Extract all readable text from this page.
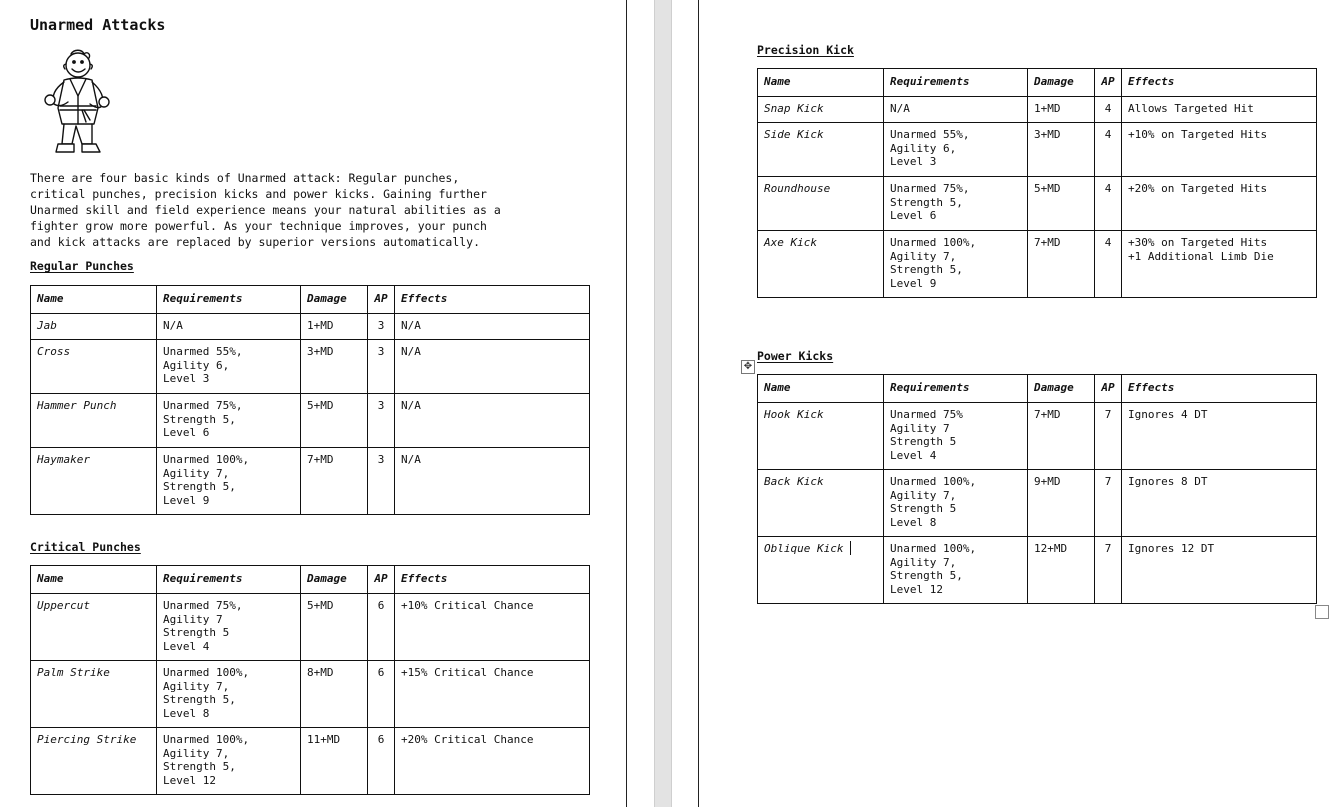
Unarmed Attacks

There are four basic kinds of Unarmed attack: Regular punches,
critical punches, precision kicks and power kicks. Gaining further
Unarmed skill and field experience means your natural abilities as a
fighter grow more powerful. As your technique improves, your punch
and kick attacks are replaced by superior versions automatically.

Regular Punches
Name	Requirements	Damage	AP	Effects
Jab	N/A	1+MD	3	N/A
Cross	Unarmed 55%,
Agility 6,
Level 3	3+MD	3	N/A
Hammer Punch	Unarmed 75%,
Strength 5,
Level 6	5+MD	3	N/A
Haymaker	Unarmed 100%,
Agility 7,
Strength 5,
Level 9	7+MD	3	N/A
Critical Punches
Name	Requirements	Damage	AP	Effects
Uppercut	Unarmed 75%,
Agility 7
Strength 5
Level 4	5+MD	6	+10% Critical Chance
Palm Strike	Unarmed 100%,
Agility 7,
Strength 5,
Level 8	8+MD	6	+15% Critical Chance
Piercing Strike	Unarmed 100%,
Agility 7,
Strength 5,
Level 12	11+MD	6	+20% Critical Chance
Precision Kick
Name	Requirements	Damage	AP	Effects
Snap Kick	N/A	1+MD	4	Allows Targeted Hit
Side Kick	Unarmed 55%,
Agility 6,
Level 3	3+MD	4	+10% on Targeted Hits
Roundhouse	Unarmed 75%,
Strength 5,
Level 6	5+MD	4	+20% on Targeted Hits
Axe Kick	Unarmed 100%,
Agility 7,
Strength 5,
Level 9	7+MD	4	+30% on Targeted Hits
+1 Additional Limb Die
Power Kicks
Name	Requirements	Damage	AP	Effects
Hook Kick	Unarmed 75%
Agility 7
Strength 5
Level 4	7+MD	7	Ignores 4 DT
Back Kick	Unarmed 100%,
Agility 7,
Strength 5
Level 8	9+MD	7	Ignores 8 DT
Oblique Kick	Unarmed 100%,
Agility 7,
Strength 5,
Level 12	12+MD	7	Ignores 12 DT
✥
